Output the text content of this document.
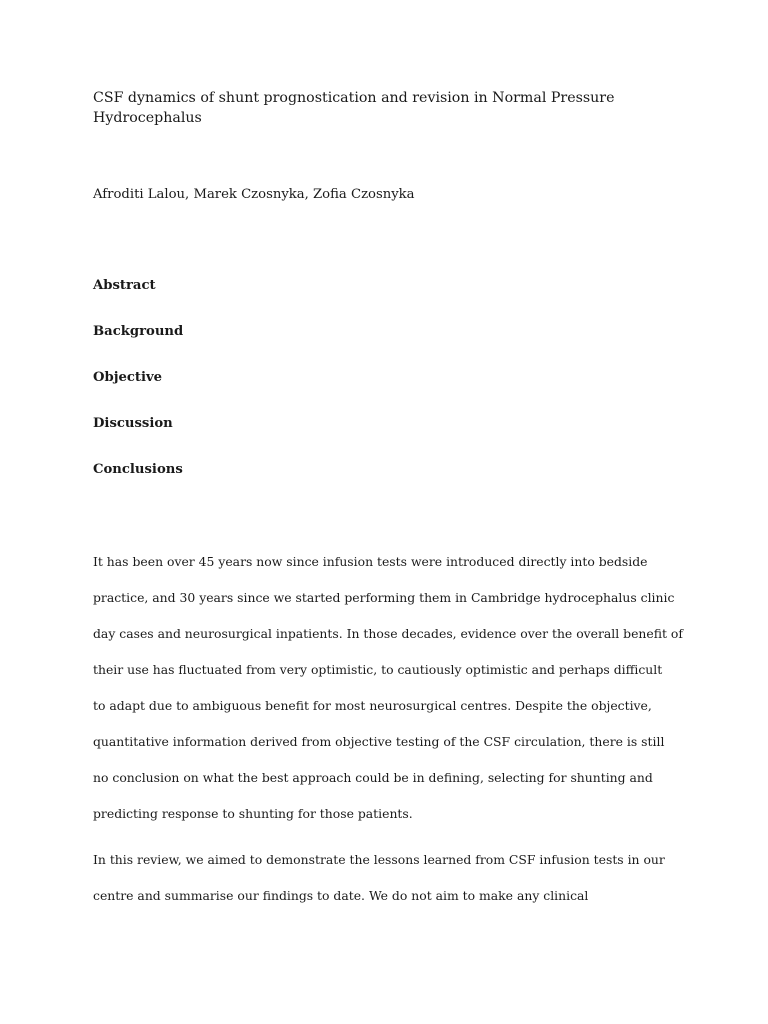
CSF dynamics of shunt prognostication and revision in Normal Pressure Hydrocephalus

Afroditi Lalou, Marek Czosnyka, Zofia Czosnyka

Abstract

Background

Objective

Discussion

Conclusions

It has been over 45 years now since infusion tests were introduced directly into bedside
practice, and 30 years since we started performing them in Cambridge hydrocephalus clinic
day cases and neurosurgical inpatients. In those decades, evidence over the overall benefit of
their use has fluctuated from very optimistic, to cautiously optimistic and perhaps difficult
to adapt due to ambiguous benefit for most neurosurgical centres. Despite the objective,
quantitative information derived from objective testing of the CSF circulation, there is still
no conclusion on what the best approach could be in defining, selecting for shunting and
predicting response to shunting for those patients.
In this review, we aimed to demonstrate the lessons learned from CSF infusion tests in our
centre and summarise our findings to date. We do not aim to make any clinical
